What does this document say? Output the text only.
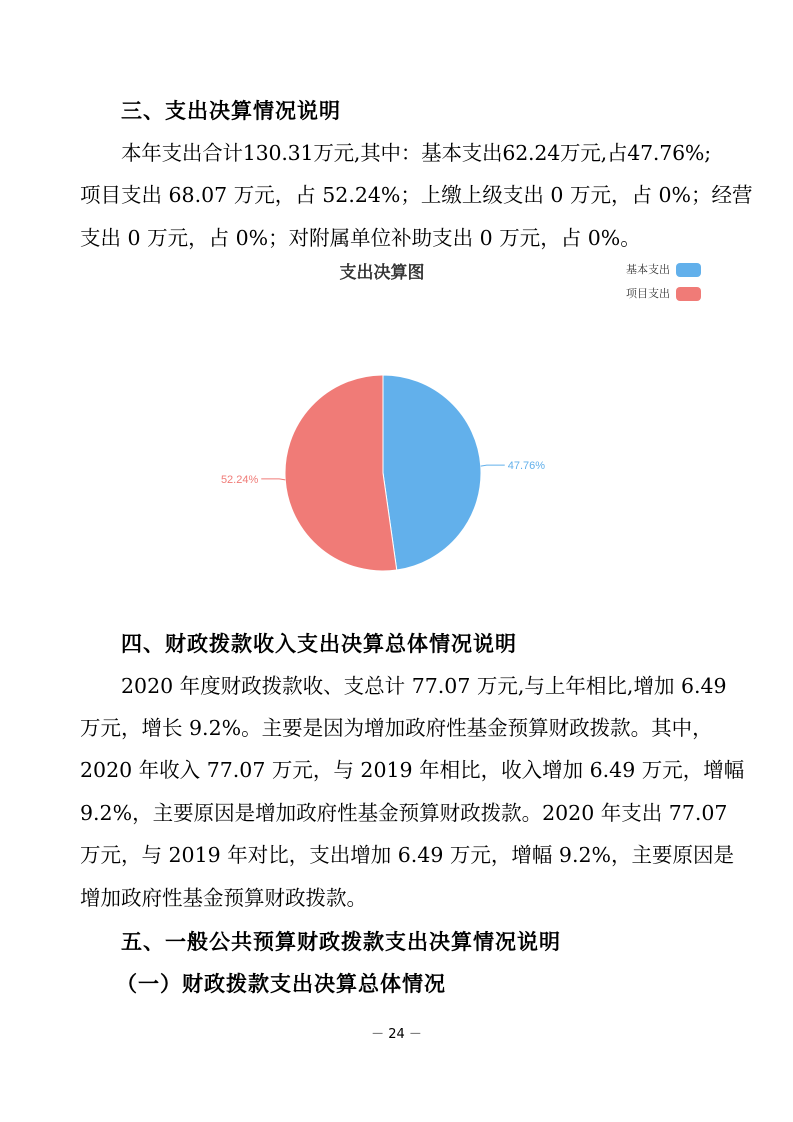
三、支出决算情况说明
本年支出合计130.31万元,其中：基本支出62.24万元,占47.76%;
项目支出 68.07 万元，占 52.24%；上缴上级支出 0 万元，占 0%；经营
支出 0 万元，占 0%；对附属单位补助支出 0 万元，占 0%。
支出决算图	基本支出
项目支出
47.76%
52.24%
四、财政拨款收入支出决算总体情况说明
2020 年度财政拨款收、支总计 77.07 万元,与上年相比,增加 6.49
万元，增长 9.2%。主要是因为增加政府性基金预算财政拨款。其中，
2020 年收入 77.07 万元，与 2019 年相比，收入增加 6.49 万元，增幅
9.2%，主要原因是增加政府性基金预算财政拨款。2020 年支出 77.07
万元，与 2019 年对比，支出增加 6.49 万元，增幅 9.2%，主要原因是
增加政府性基金预算财政拨款。
五、一般公共预算财政拨款支出决算情况说明
（一）财政拨款支出决算总体情况
－ 24 －
